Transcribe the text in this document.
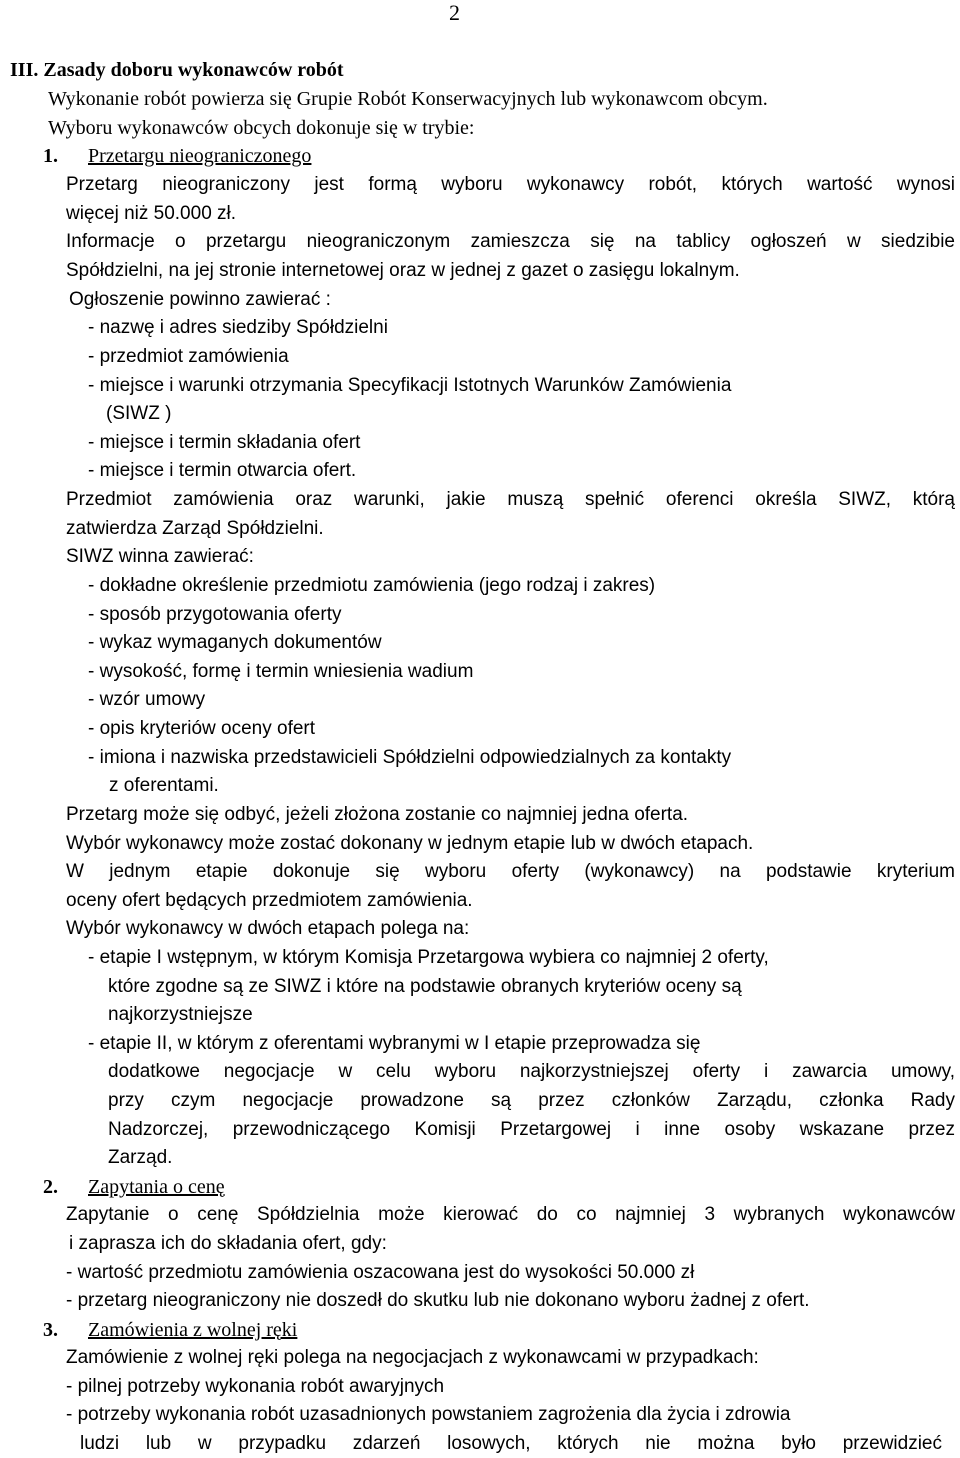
2
III. Zasady doboru wykonawców robót
Wykonanie robót powierza się Grupie Robót Konserwacyjnych lub wykonawcom obcym.
Wyboru wykonawców obcych dokonuje się w trybie:
1. Przetargu nieograniczonego
Przetarg nieograniczony jest formą wyboru wykonawcy robót, których wartość wynosi
więcej niż 50.000 zł.
Informacje o przetargu nieograniczonym zamieszcza się na tablicy ogłoszeń w siedzibie
Spółdzielni, na jej stronie internetowej oraz w jednej z gazet o zasięgu lokalnym.
Ogłoszenie powinno zawierać :
- nazwę i adres siedziby Spółdzielni
- przedmiot zamówienia
- miejsce i warunki otrzymania Specyfikacji Istotnych Warunków Zamówienia
(SIWZ )
- miejsce i termin składania ofert
- miejsce i termin otwarcia ofert.
Przedmiot zamówienia oraz warunki, jakie muszą spełnić oferenci określa SIWZ, którą
zatwierdza Zarząd Spółdzielni.
SIWZ winna zawierać:
- dokładne określenie przedmiotu zamówienia (jego rodzaj i zakres)
- sposób przygotowania oferty
- wykaz wymaganych dokumentów
- wysokość, formę i termin wniesienia wadium
- wzór umowy
- opis kryteriów oceny ofert
- imiona i nazwiska przedstawicieli Spółdzielni odpowiedzialnych za kontakty
z oferentami.
Przetarg może się odbyć, jeżeli złożona zostanie co najmniej jedna oferta.
Wybór wykonawcy może zostać dokonany w jednym etapie lub w dwóch etapach.
W jednym etapie dokonuje się wyboru oferty (wykonawcy) na podstawie kryterium
oceny ofert będących przedmiotem zamówienia.
Wybór wykonawcy w dwóch etapach polega na:
- etapie I wstępnym, w którym Komisja Przetargowa wybiera co najmniej 2 oferty,
które zgodne są ze SIWZ i które na podstawie obranych kryteriów oceny są
najkorzystniejsze
- etapie II, w którym z oferentami wybranymi w I etapie przeprowadza się
dodatkowe negocjacje w celu wyboru najkorzystniejszej oferty i zawarcia umowy,
przy czym negocjacje prowadzone są przez członków Zarządu, członka Rady
Nadzorczej, przewodniczącego Komisji Przetargowej i inne osoby wskazane przez
Zarząd.
2. Zapytania o cenę
Zapytanie o cenę Spółdzielnia może kierować do co najmniej 3 wybranych wykonawców
i zaprasza ich do składania ofert, gdy:
- wartość przedmiotu zamówienia oszacowana jest do wysokości 50.000 zł
- przetarg nieograniczony nie doszedł do skutku lub nie dokonano wyboru żadnej z ofert.
3. Zamówienia z wolnej ręki
Zamówienie z wolnej ręki polega na negocjacjach z wykonawcami w przypadkach:
- pilnej potrzeby wykonania robót awaryjnych
- potrzeby wykonania robót uzasadnionych powstaniem zagrożenia dla życia i zdrowia
ludzi lub w przypadku zdarzeń losowych, których nie można było przewidzieć
